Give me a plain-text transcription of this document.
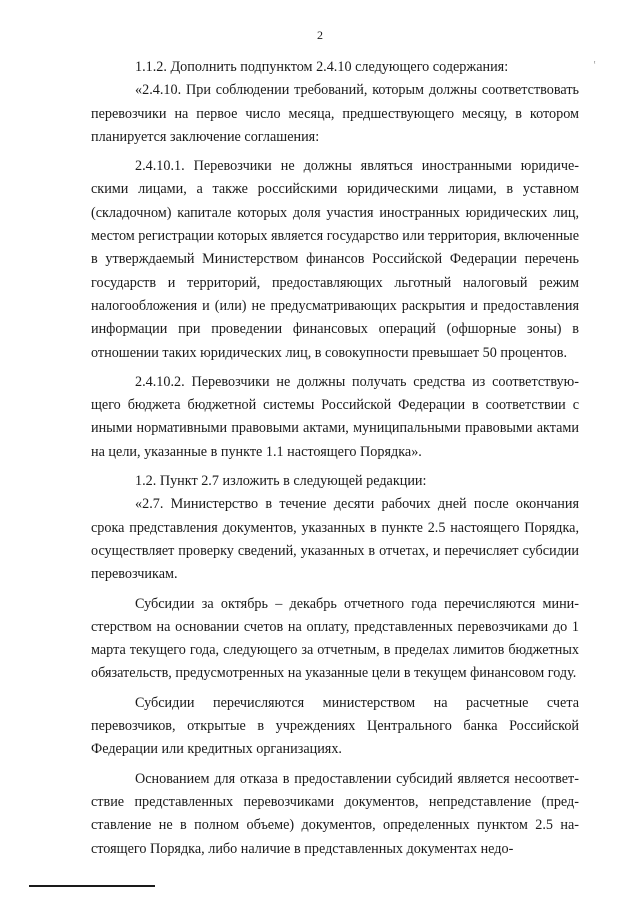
2
ᶦ

1.1.2. Дополнить подпунктом 2.4.10 следующего содержания:

«2.4.10. При соблюдении требований, которым должны соответствовать перевозчики на первое число месяца, предшествующего месяцу, в котором планируется заключение соглашения:

2.4.10.1. Перевозчики не должны являться иностранными юридическими лицами, а также российскими юридическими лицами, в уставном (складочном) капитале которых доля участия иностранных юридических лиц, местом регистрации которых является государство или территория, включенные в утверждаемый Министерством финансов Российской Федерации перечень государств и территорий, предоставляющих льготный налоговый режим налогообложения и (или) не предусматривающих раскрытия и предоставления информации при проведении финансовых операций (офшорные зоны) в отношении таких юридических лиц, в совокупности превышает 50 процентов.

2.4.10.2. Перевозчики не должны получать средства из соответствующего бюджета бюджетной системы Российской Федерации в соответствии с иными нормативными правовыми актами, муниципальными правовыми актами на цели, указанные в пункте 1.1 настоящего Порядка».

1.2. Пункт 2.7 изложить в следующей редакции:

«2.7. Министерство в течение десяти рабочих дней после окончания срока представления документов, указанных в пункте 2.5 настоящего Порядка, осуществляет проверку сведений, указанных в отчетах, и перечисляет субсидии перевозчикам.

Субсидии за октябрь – декабрь отчетного года перечисляются министерством на основании счетов на оплату, представленных перевозчиками до 1 марта текущего года, следующего за отчетным, в пределах лимитов бюджетных обязательств, предусмотренных на указанные цели в текущем финансовом году.

Субсидии перечисляются министерством на расчетные счета перевозчиков, открытые в учреждениях Центрального банка Российской Федерации или кредитных организациях.

Основанием для отказа в предоставлении субсидий является несоответствие представленных перевозчиками документов, непредставление (представление не в полном объеме) документов, определенных пунктом 2.5 настоящего Порядка, либо наличие в представленных документах недо-
